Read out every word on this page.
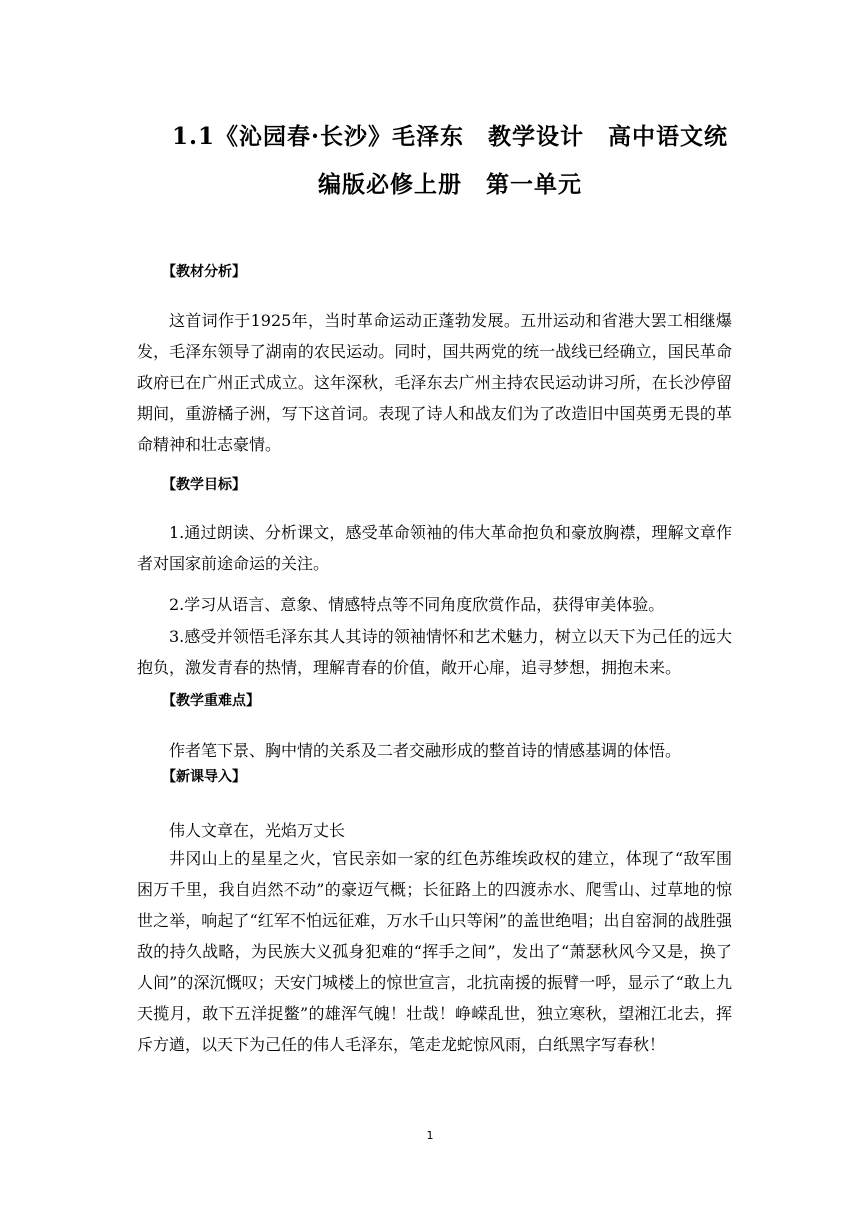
1.1《沁园春·长沙》毛泽东　教学设计　高中语文统
编版必修上册　第一单元
【教材分析】

这首词作于1925年，当时革命运动正蓬勃发展。五卅运动和省港大罢工相继爆发，毛泽东领导了湖南的农民运动。同时，国共两党的统一战线已经确立，国民革命政府已在广州正式成立。这年深秋，毛泽东去广州主持农民运动讲习所，在长沙停留期间，重游橘子洲，写下这首词。表现了诗人和战友们为了改造旧中国英勇无畏的革命精神和壮志豪情。

【教学目标】

1.通过朗读、分析课文，感受革命领袖的伟大革命抱负和豪放胸襟，理解文章作者对国家前途命运的关注。

2.学习从语言、意象、情感特点等不同角度欣赏作品，获得审美体验。

3.感受并领悟毛泽东其人其诗的领袖情怀和艺术魅力，树立以天下为己任的远大抱负，激发青春的热情，理解青春的价值，敞开心扉，追寻梦想，拥抱未来。

【教学重难点】
作者笔下景、胸中情的关系及二者交融形成的整首诗的情感基调的体悟。
【新课导入】
伟人文章在，光焰万丈长

井冈山上的星星之火，官民亲如一家的红色苏维埃政权的建立，体现了“敌军围困万千里，我自岿然不动”的豪迈气概；长征路上的四渡赤水、爬雪山、过草地的惊世之举，响起了“红军不怕远征难，万水千山只等闲”的盖世绝唱；出自窑洞的战胜强敌的持久战略，为民族大义孤身犯难的“挥手之间”，发出了“萧瑟秋风今又是，换了人间”的深沉慨叹；天安门城楼上的惊世宣言，北抗南援的振臂一呼，显示了“敢上九天揽月，敢下五洋捉鳖”的雄浑气魄！壮哉！峥嵘乱世，独立寒秋，望湘江北去，挥斥方遒，以天下为己任的伟人毛泽东，笔走龙蛇惊风雨，白纸黑字写春秋！

1
